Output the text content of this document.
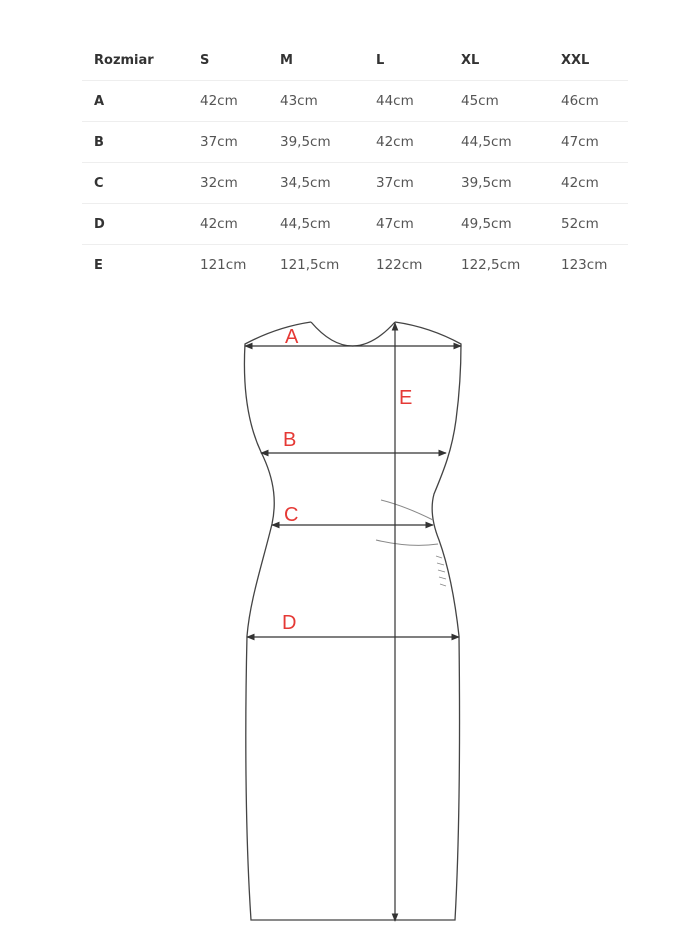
Rozmiar	S	M	L	XL	XXL
A	42cm	43cm	44cm	45cm	46cm
B	37cm	39,5cm	42cm	44,5cm	47cm
C	32cm	34,5cm	37cm	39,5cm	42cm
D	42cm	44,5cm	47cm	49,5cm	52cm
E	121cm	121,5cm	122cm	122,5cm	123cm
A
B
C
D
E
